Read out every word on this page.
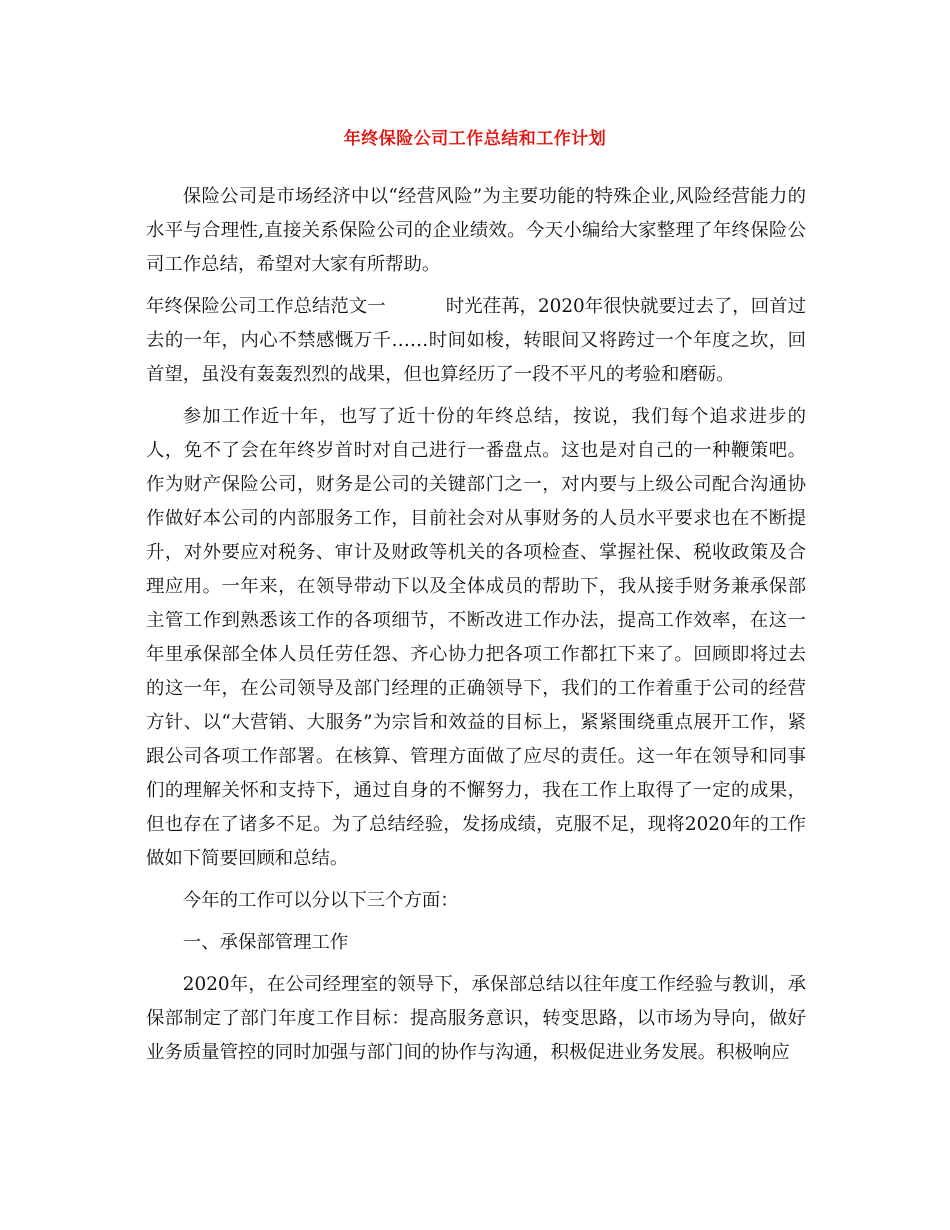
年终保险公司工作总结和工作计划

保险公司是市场经济中以“经营风险”为主要功能的特殊企业,风险经营能力的水平与合理性,直接关系保险公司的企业绩效。今天小编给大家整理了年终保险公司工作总结，希望对大家有所帮助。

年终保险公司工作总结范文一	时光荏苒，2020年很快就要过去了，回首过去的一年，内心不禁感慨万千……时间如梭，转眼间又将跨过一个年度之坎，回首望，虽没有轰轰烈烈的战果，但也算经历了一段不平凡的考验和磨砺。

参加工作近十年，也写了近十份的年终总结，按说，我们每个追求进步的人，免不了会在年终岁首时对自己进行一番盘点。这也是对自己的一种鞭策吧。作为财产保险公司，财务是公司的关键部门之一，对内要与上级公司配合沟通协作做好本公司的内部服务工作，目前社会对从事财务的人员水平要求也在不断提升，对外要应对税务、审计及财政等机关的各项检查、掌握社保、税收政策及合理应用。一年来，在领导带动下以及全体成员的帮助下，我从接手财务兼承保部主管工作到熟悉该工作的各项细节，不断改进工作办法，提高工作效率，在这一年里承保部全体人员任劳任怨、齐心协力把各项工作都扛下来了。回顾即将过去的这一年，在公司领导及部门经理的正确领导下，我们的工作着重于公司的经营方针、以“大营销、大服务”为宗旨和效益的目标上，紧紧围绕重点展开工作，紧跟公司各项工作部署。在核算、管理方面做了应尽的责任。这一年在领导和同事们的理解关怀和支持下，通过自身的不懈努力，我在工作上取得了一定的成果，但也存在了诸多不足。为了总结经验，发扬成绩，克服不足，现将2020年的工作做如下简要回顾和总结。

今年的工作可以分以下三个方面：

一、承保部管理工作

2020年，在公司经理室的领导下，承保部总结以往年度工作经验与教训，承保部制定了部门年度工作目标：提高服务意识，转变思路，以市场为导向，做好业务质量管控的同时加强与部门间的协作与沟通，积极促进业务发展。积极响应
